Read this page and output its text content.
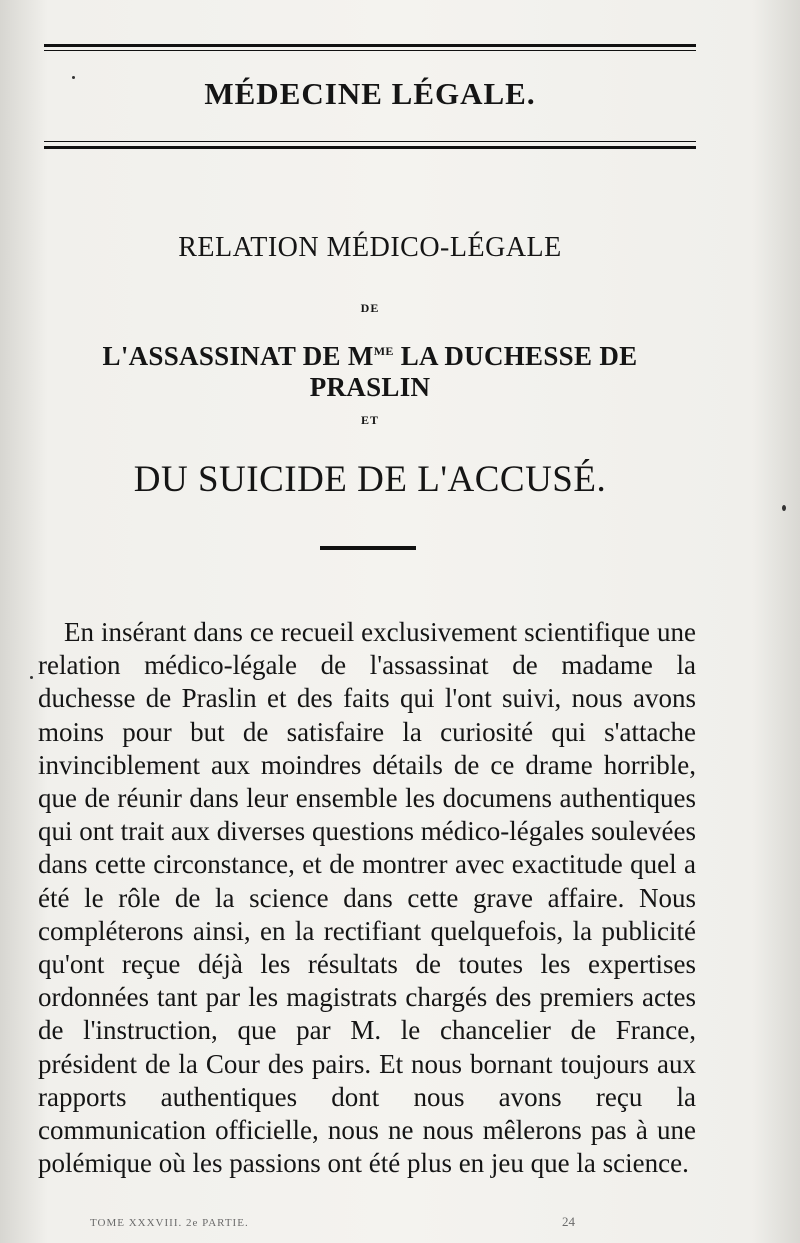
MÉDECINE LÉGALE.
RELATION MÉDICO-LÉGALE
DE
L'ASSASSINAT DE $M^{ME}$ LA DUCHESSE DE PRASLIN
ET
DU SUICIDE DE L'ACCUSÉ.
En insérant dans ce recueil exclusivement scientifique une relation médico-légale de l'assassinat de madame la duchesse de Praslin et des faits qui l'ont suivi, nous avons moins pour but de satisfaire la curiosité qui s'attache invinciblement aux moindres détails de ce drame horrible, que de réunir dans leur ensemble les documens authentiques qui ont trait aux diverses questions médico-légales soulevées dans cette circonstance, et de montrer avec exactitude quel a été le rôle de la science dans cette grave affaire. Nous compléterons ainsi, en la rectifiant quelquefois, la publicité qu'ont reçue déjà les résultats de toutes les expertises ordonnées tant par les magistrats chargés des premiers actes de l'instruction, que par M. le chancelier de France, président de la Cour des pairs. Et nous bornant toujours aux rapports authentiques dont nous avons reçu la communication officielle, nous ne nous mêlerons pas à une polémique où les passions ont été plus en jeu que la science.
TOME XXXVIII. 2e PARTIE.	24
